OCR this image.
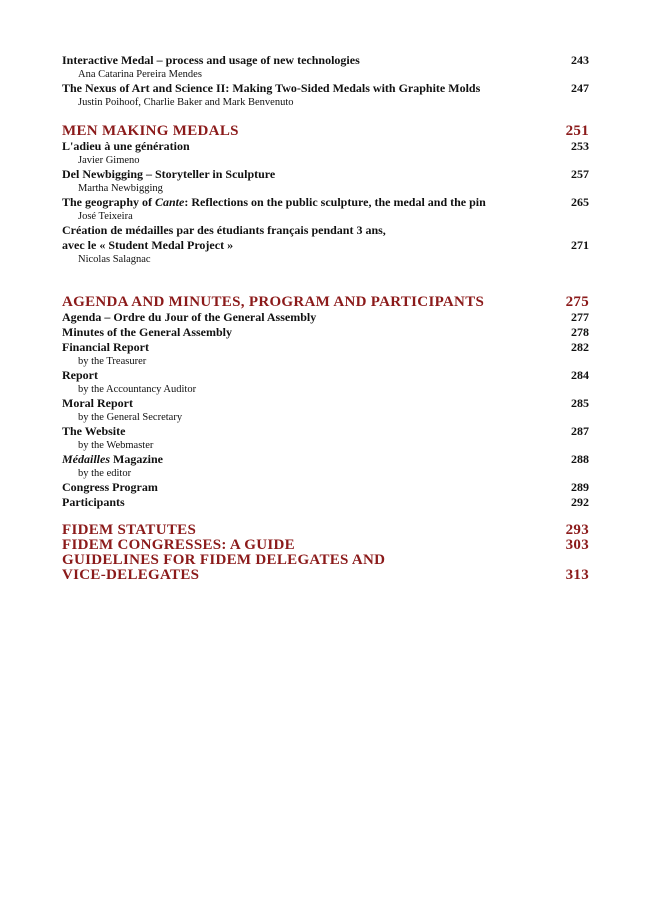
Interactive Medal – process and usage of new technologies	243
Ana Catarina Pereira Mendes
The Nexus of Art and Science II: Making Two-Sided Medals with Graphite Molds	247
Justin Poihoof, Charlie Baker and Mark Benvenuto
MEN MAKING MEDALS	251
L'adieu à une génération	253
Javier Gimeno
Del Newbigging – Storyteller in Sculpture	257
Martha Newbigging
The geography of Cante: Reflections on the public sculpture, the medal and the pin	265
José Teixeira
Création de médailles par des étudiants français pendant 3 ans,
avec le « Student Medal Project »	271
Nicolas Salagnac
AGENDA AND MINUTES, PROGRAM AND PARTICIPANTS	275
Agenda – Ordre du Jour of the General Assembly	277
Minutes of the General Assembly	278
Financial Report	282
by the Treasurer
Report	284
by the Accountancy Auditor
Moral Report	285
by the General Secretary
The Website	287
by the Webmaster
Médailles Magazine	288
by the editor
Congress Program	289
Participants	292
FIDEM STATUTES	293
FIDEM CONGRESSES: A GUIDE	303
GUIDELINES FOR FIDEM DELEGATES AND
VICE-DELEGATES	313
